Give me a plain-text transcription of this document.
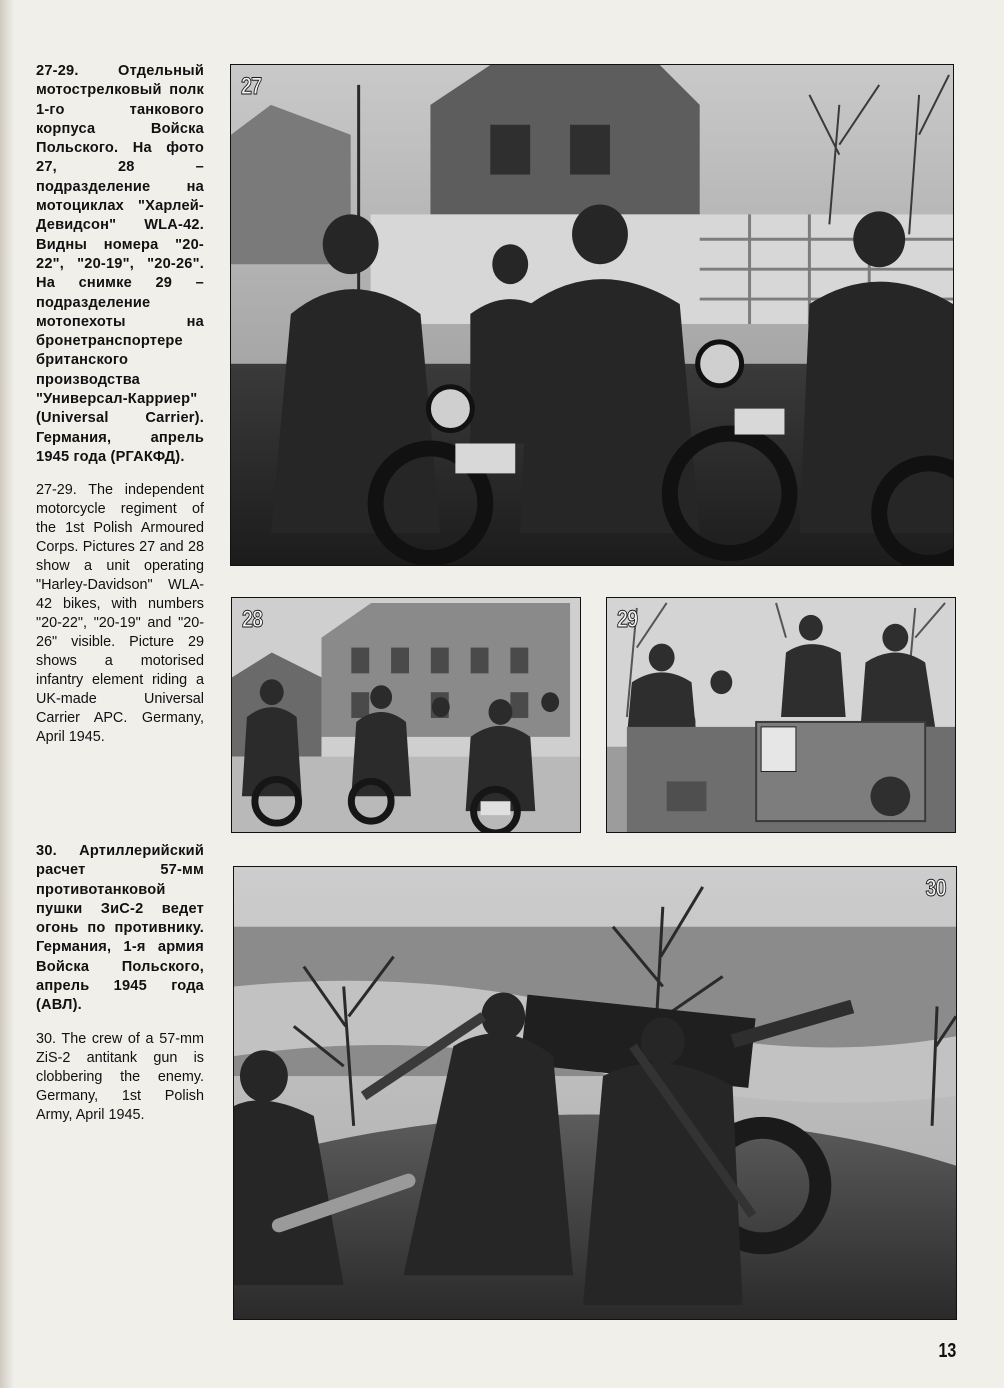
27-29. Отдельный мотострелковый полк 1-го танкового корпуса Войска Польского. На фото 27, 28 – подразделение на мотоциклах "Харлей-Девидсон" WLA-42. Видны номера "20-22", "20-19", "20-26". На снимке 29 – подразделение мотопехоты на бронетранспортере британского производства "Универсал-Карриер" (Universal Carrier). Германия, апрель 1945 года (РГАКФД).

27-29. The independent motorcycle regiment of the 1st Polish Armoured Corps. Pictures 27 and 28 show a unit operating "Harley-Davidson" WLA-42 bikes, with numbers "20-22", "20-19" and "20-26" visible. Picture 29 shows a motorised infantry element riding a UK-made Universal Carrier APC. Germany, April 1945.

30. Артиллерийский расчет 57-мм противотанковой пушки ЗиС-2 ведет огонь по противнику. Германия, 1-я армия Войска Польского, апрель 1945 года (АВЛ).

30. The crew of a 57-mm ZiS-2 antitank gun is clobbering the enemy. Germany, 1st Polish Army, April 1945.

27
28	29
30
13
